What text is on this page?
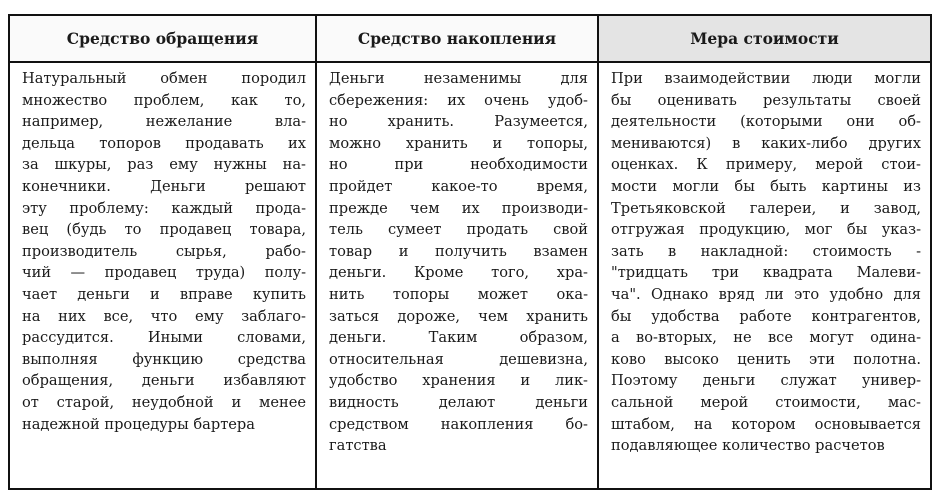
Средство обращения	Средство накопления	Мера стоимости
Натуральный обмен породил
множество проблем, как то,
например, нежелание вла-
дельца топоров продавать их
за шкуры, раз ему нужны на-
конечники. Деньги решают
эту проблему: каждый прода-
вец (будь то продавец товара,
производитель сырья, рабо-
чий — продавец труда) полу-
чает деньги и вправе купить
на них все, что ему заблаго-
рассудится. Иными словами,
выполняя функцию средства
обращения, деньги избавляют
от старой, неудобной и менее
надежной процедуры бартера
Деньги незаменимы для
сбережения: их очень удоб-
но хранить. Разумеется,
можно хранить и топоры,
но при необходимости
пройдет какое-то время,
прежде чем их производи-
тель сумеет продать свой
товар и получить взамен
деньги. Кроме того, хра-
нить топоры может ока-
заться дороже, чем хранить
деньги. Таким образом,
относительная дешевизна,
удобство хранения и лик-
видность делают деньги
средством накопления бо-
гатства
При взаимодействии люди могли
бы оценивать результаты своей
деятельности (которыми они об-
мениваются) в каких-либо других
оценках. К примеру, мерой стои-
мости могли бы быть картины из
Третьяковской галереи, и завод,
отгружая продукцию, мог бы указ-
зать в накладной: стоимость -
"тридцать три квадрата Малеви-
ча". Однако вряд ли это удобно для
бы удобства работе контрагентов,
а во-вторых, не все могут одина-
ково высоко ценить эти полотна.
Поэтому деньги служат универ-
сальной мерой стоимости, мас-
штабом, на котором основывается
подавляющее количество расчетов
